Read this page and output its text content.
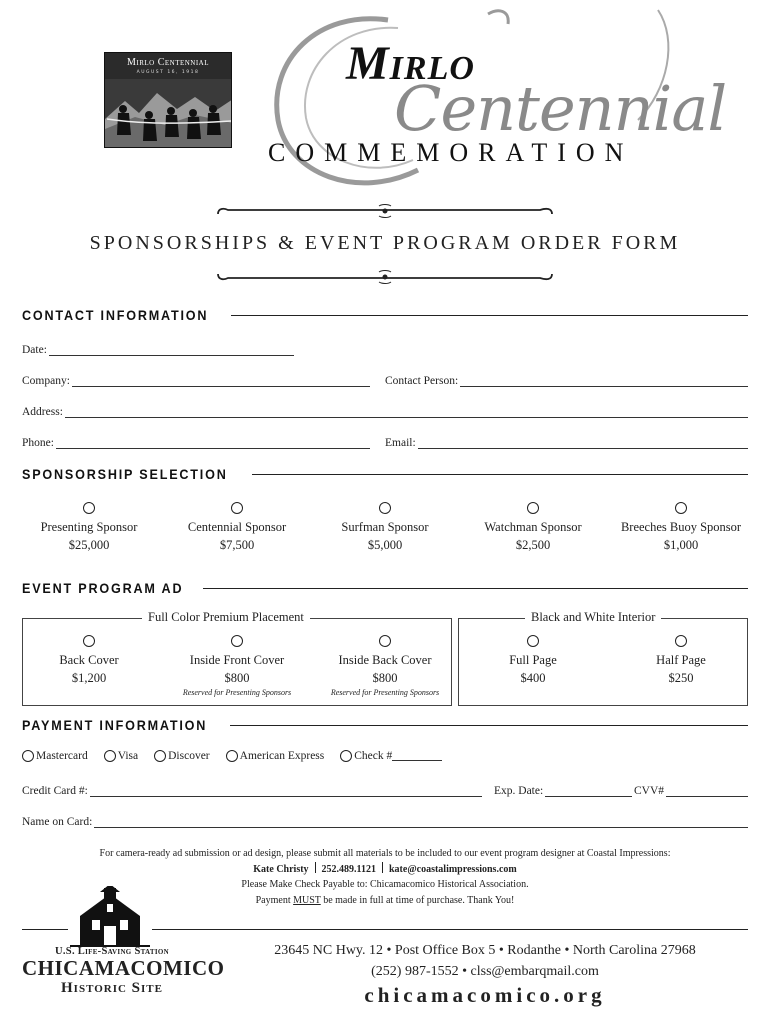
Mirlo Centennial
AUGUST 16, 1918	Mirlo
Centennial
COMMEMORATION
SPONSORSHIPS & EVENT PROGRAM ORDER FORM
CONTACT INFORMATION
Date:
Company:	Contact Person:
Address:
Phone:	Email:
SPONSORSHIP SELECTION

Presenting Sponsor
$25,000

Centennial Sponsor
$7,500

Surfman Sponsor
$5,000

Watchman Sponsor
$2,500

Breeches Buoy Sponsor
$1,000
EVENT PROGRAM AD
Full Color Premium Placement	Black and White Interior

Back Cover
$1,200

Inside Front Cover
$800
Reserved for Presenting Sponsors

Inside Back Cover
$800
Reserved for Presenting Sponsors

Full Page
$400

Half Page
$250
PAYMENT INFORMATION
Mastercard	Visa	Discover	American Express	Check #
Credit Card #:	Exp. Date:	CVV#
Name on Card:
For camera-ready ad submission or ad design, please submit all materials to be included to our event program designer at Coastal Impressions:
Kate Christy 252.489.1121 kate@coastalimpressions.com
Please Make Check Payable to: Chicamacomico Historical Association.
Payment MUST be made in full at time of purchase. Thank You!
U.S. Life-Saving Station
CHICAMACOMICO
Historic Site
23645 NC Hwy. 12 • Post Office Box 5 • Rodanthe • North Carolina 27968
(252) 987-1552 • clss@embarqmail.com
chicamacomico.org
